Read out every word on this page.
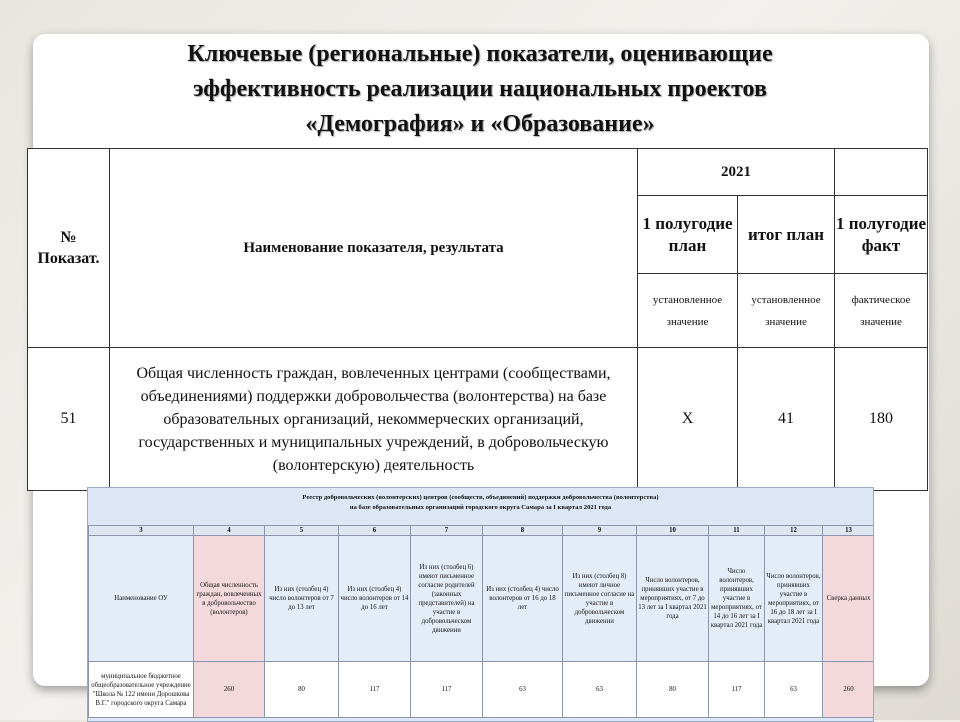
Ключевые (региональные) показатели, оценивающие
эффективность реализации национальных проектов
«Демография» и «Образование»
№ Показат.	Наименование показателя, результата	2021		
		1 полугодие план	итог план	1 полугодие факт
		установленное значение	установленное значение	фактическое значение
51	Общая численность граждан, вовлеченных центрами (сообществами, объединениями) поддержки добровольчества (волонтерства) на базе образовательных организаций, некоммерческих организаций, государственных и муниципальных учреждений, в добровольческую (волонтерскую) деятельность	Х	41	180
Реестр добровольческих (волонтерских) центров (сообществ, объединений) поддержки добровольчества (волонтерства)
на базе образовательных организаций городского округа Самара за I квартал 2021 года
3	4	5	6	7	8	9	10	11	12	13
Наименование ОУ	Общая численность граждан, вовлеченных в добровольчество (волонтеров)	Из них (столбец 4) число волонтеров от 7 до 13 лет	Из них (столбец 4) число волонтеров от 14 до 16 лет	Из них (столбец 6) имеют письменное согласие родителей (законных представителей) на участие в добровольческом движении	Из них (столбец 4) число волонтеров от 16 до 18 лет	Из них (столбец 8) имеют личное письменное согласие на участие в добровольческом движении	Число волонтеров, принявших участие в мероприятиях, от 7 до 13 лет за I квартал 2021 года	Число волонтеров, принявших участие в мероприятиях, от 14 до 16 лет за I квартал 2021 года	Число волонтеров, принявших участие в мероприятиях, от 16 до 18 лет за I квартал 2021 года	Сверка данных
муниципальное бюджетное общеобразовательное учреждение "Школа № 122 имени Дорошкова В.Г." городского округа Самара	260	80	117	117	63	63	80	117	63	260
